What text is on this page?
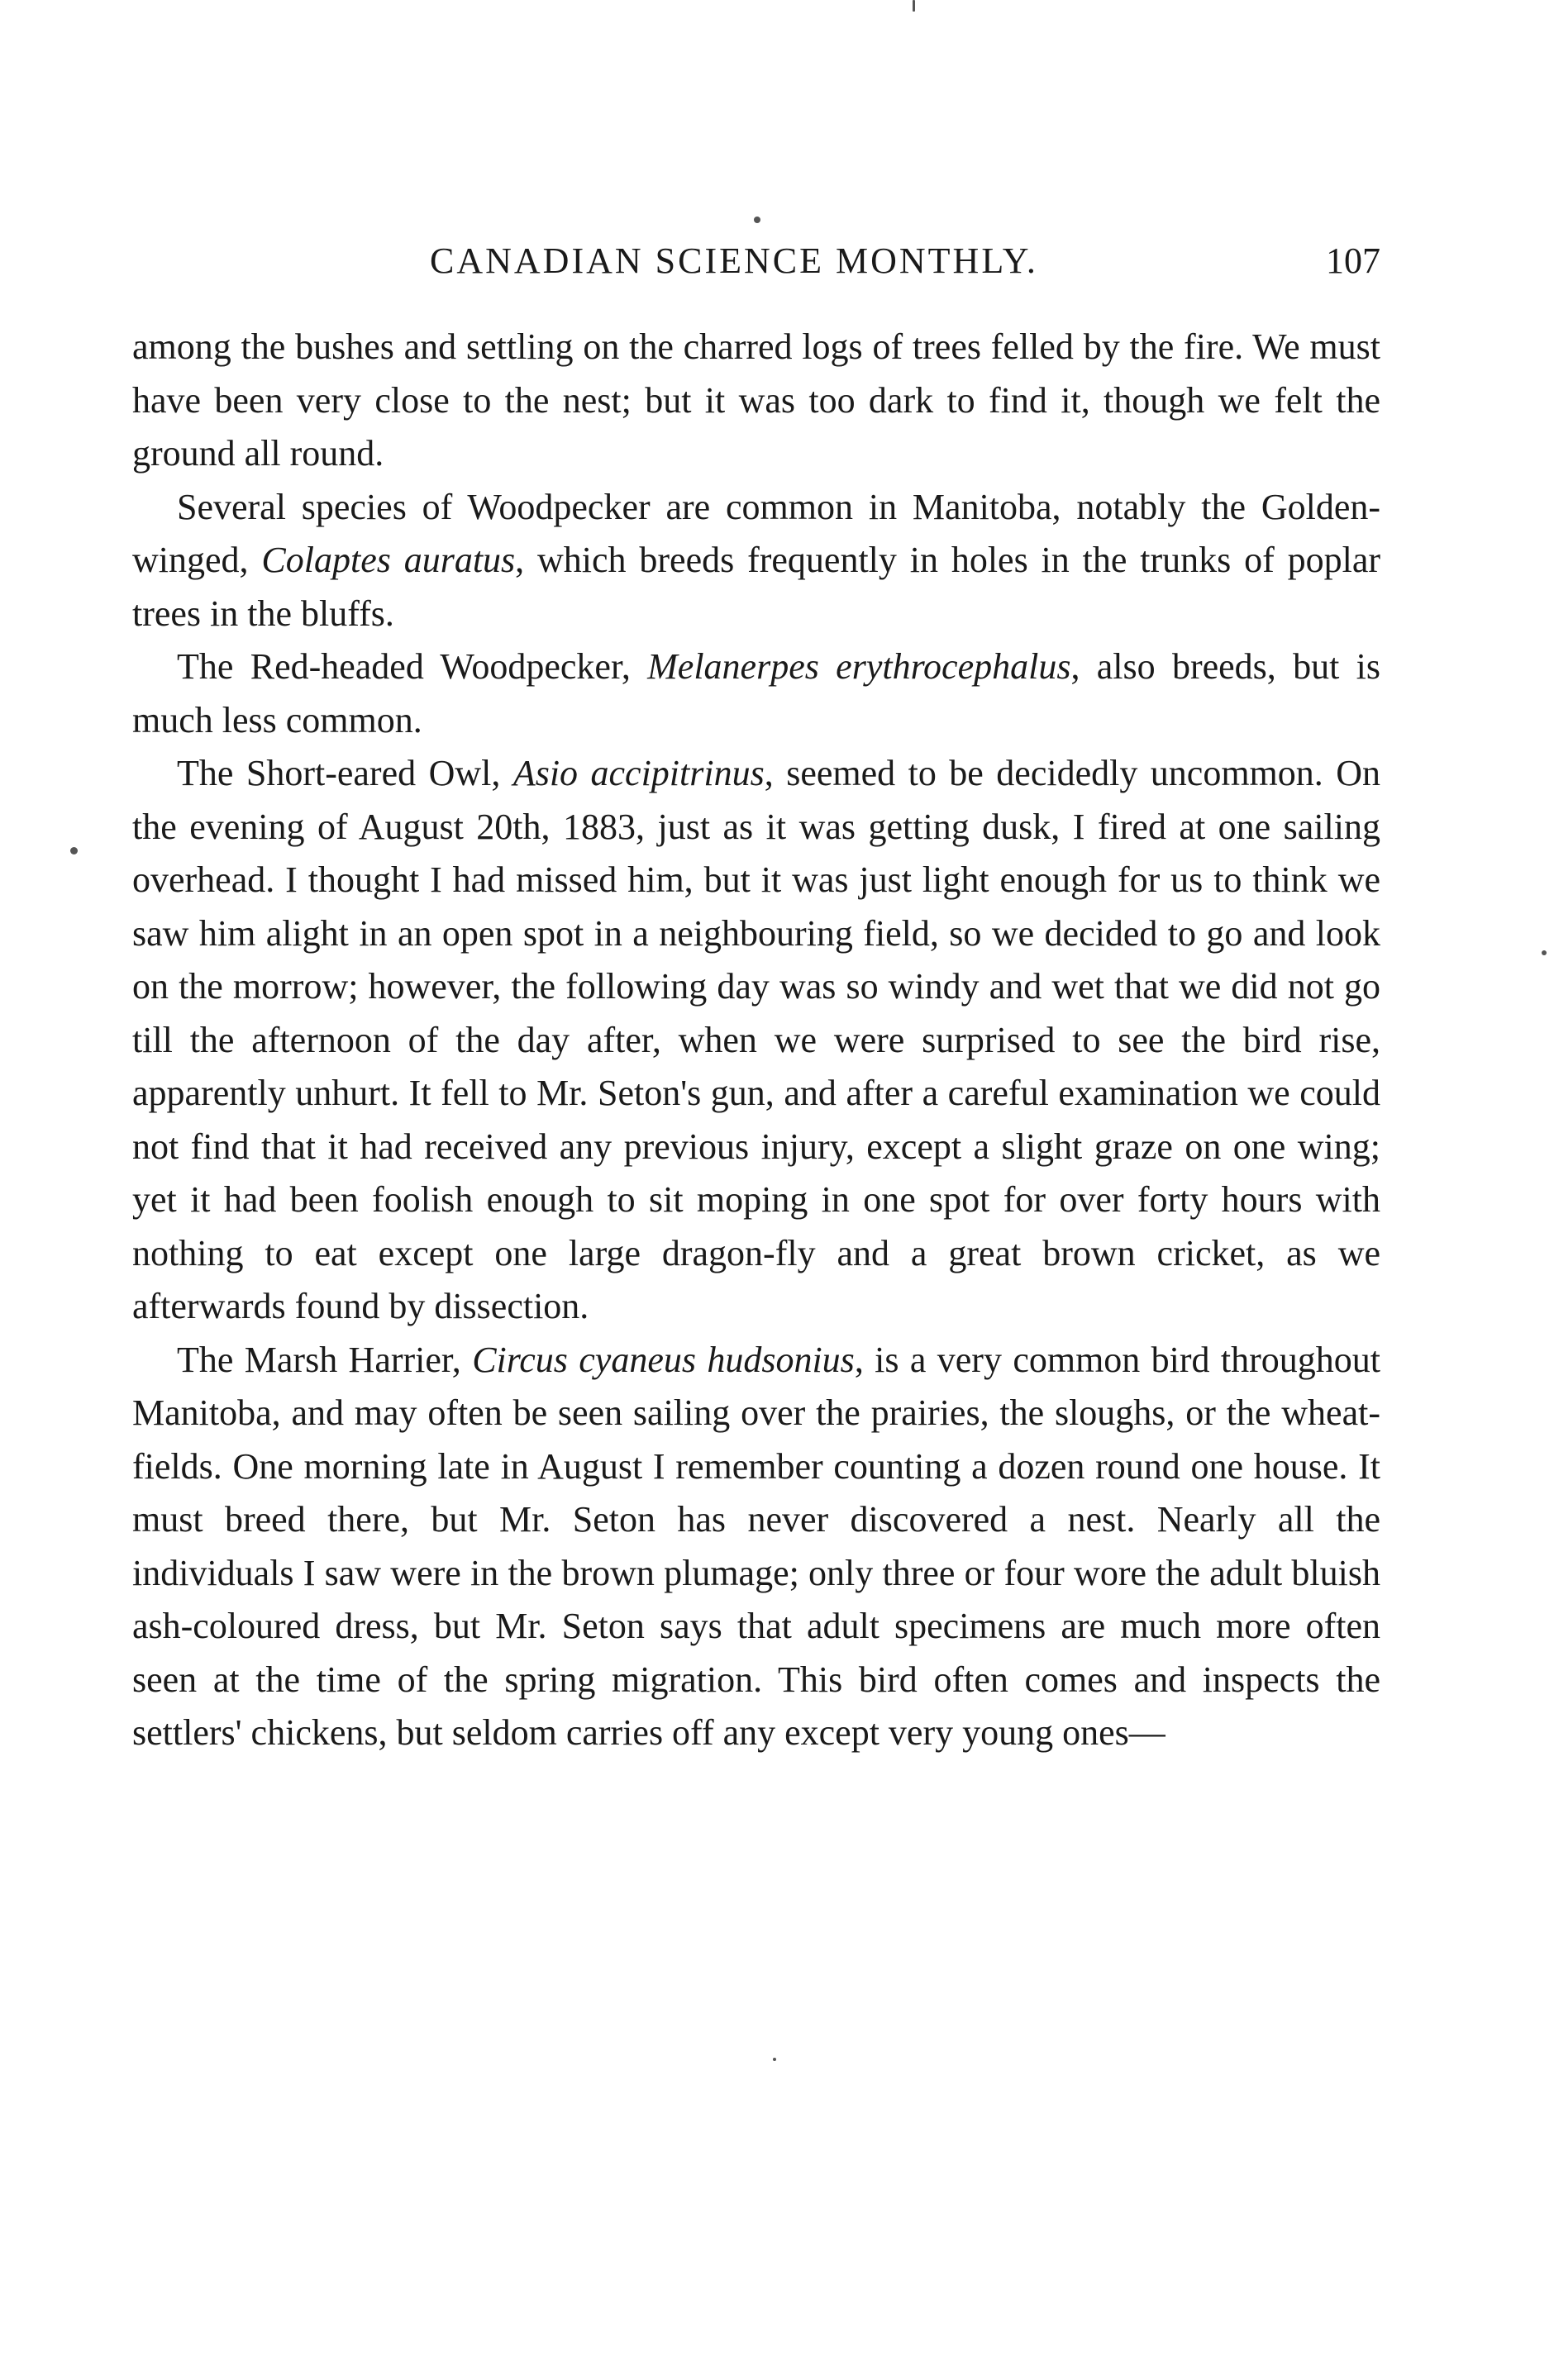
CANADIAN SCIENCE MONTHLY.	107

among the bushes and settling on the charred logs of trees felled by the fire. We must have been very close to the nest; but it was too dark to find it, though we felt the ground all round.

Several species of Woodpecker are common in Manitoba, notably the Golden-winged, Colaptes auratus, which breeds frequently in holes in the trunks of poplar trees in the bluffs.

The Red-headed Woodpecker, Melanerpes erythrocephalus, also breeds, but is much less common.

The Short-eared Owl, Asio accipitrinus, seemed to be decidedly uncommon. On the evening of August 20th, 1883, just as it was getting dusk, I fired at one sailing overhead. I thought I had missed him, but it was just light enough for us to think we saw him alight in an open spot in a neighbouring field, so we decided to go and look on the morrow; however, the following day was so windy and wet that we did not go till the afternoon of the day after, when we were surprised to see the bird rise, apparently unhurt. It fell to Mr. Seton's gun, and after a careful examination we could not find that it had received any previous injury, except a slight graze on one wing; yet it had been foolish enough to sit moping in one spot for over forty hours with nothing to eat except one large dragon-fly and a great brown cricket, as we afterwards found by dissection.

The Marsh Harrier, Circus cyaneus hudsonius, is a very common bird throughout Manitoba, and may often be seen sailing over the prairies, the sloughs, or the wheat-fields. One morning late in August I remember counting a dozen round one house. It must breed there, but Mr. Seton has never discovered a nest. Nearly all the individuals I saw were in the brown plumage; only three or four wore the adult bluish ash-coloured dress, but Mr. Seton says that adult specimens are much more often seen at the time of the spring migration. This bird often comes and inspects the settlers' chickens, but seldom carries off any except very young ones—
